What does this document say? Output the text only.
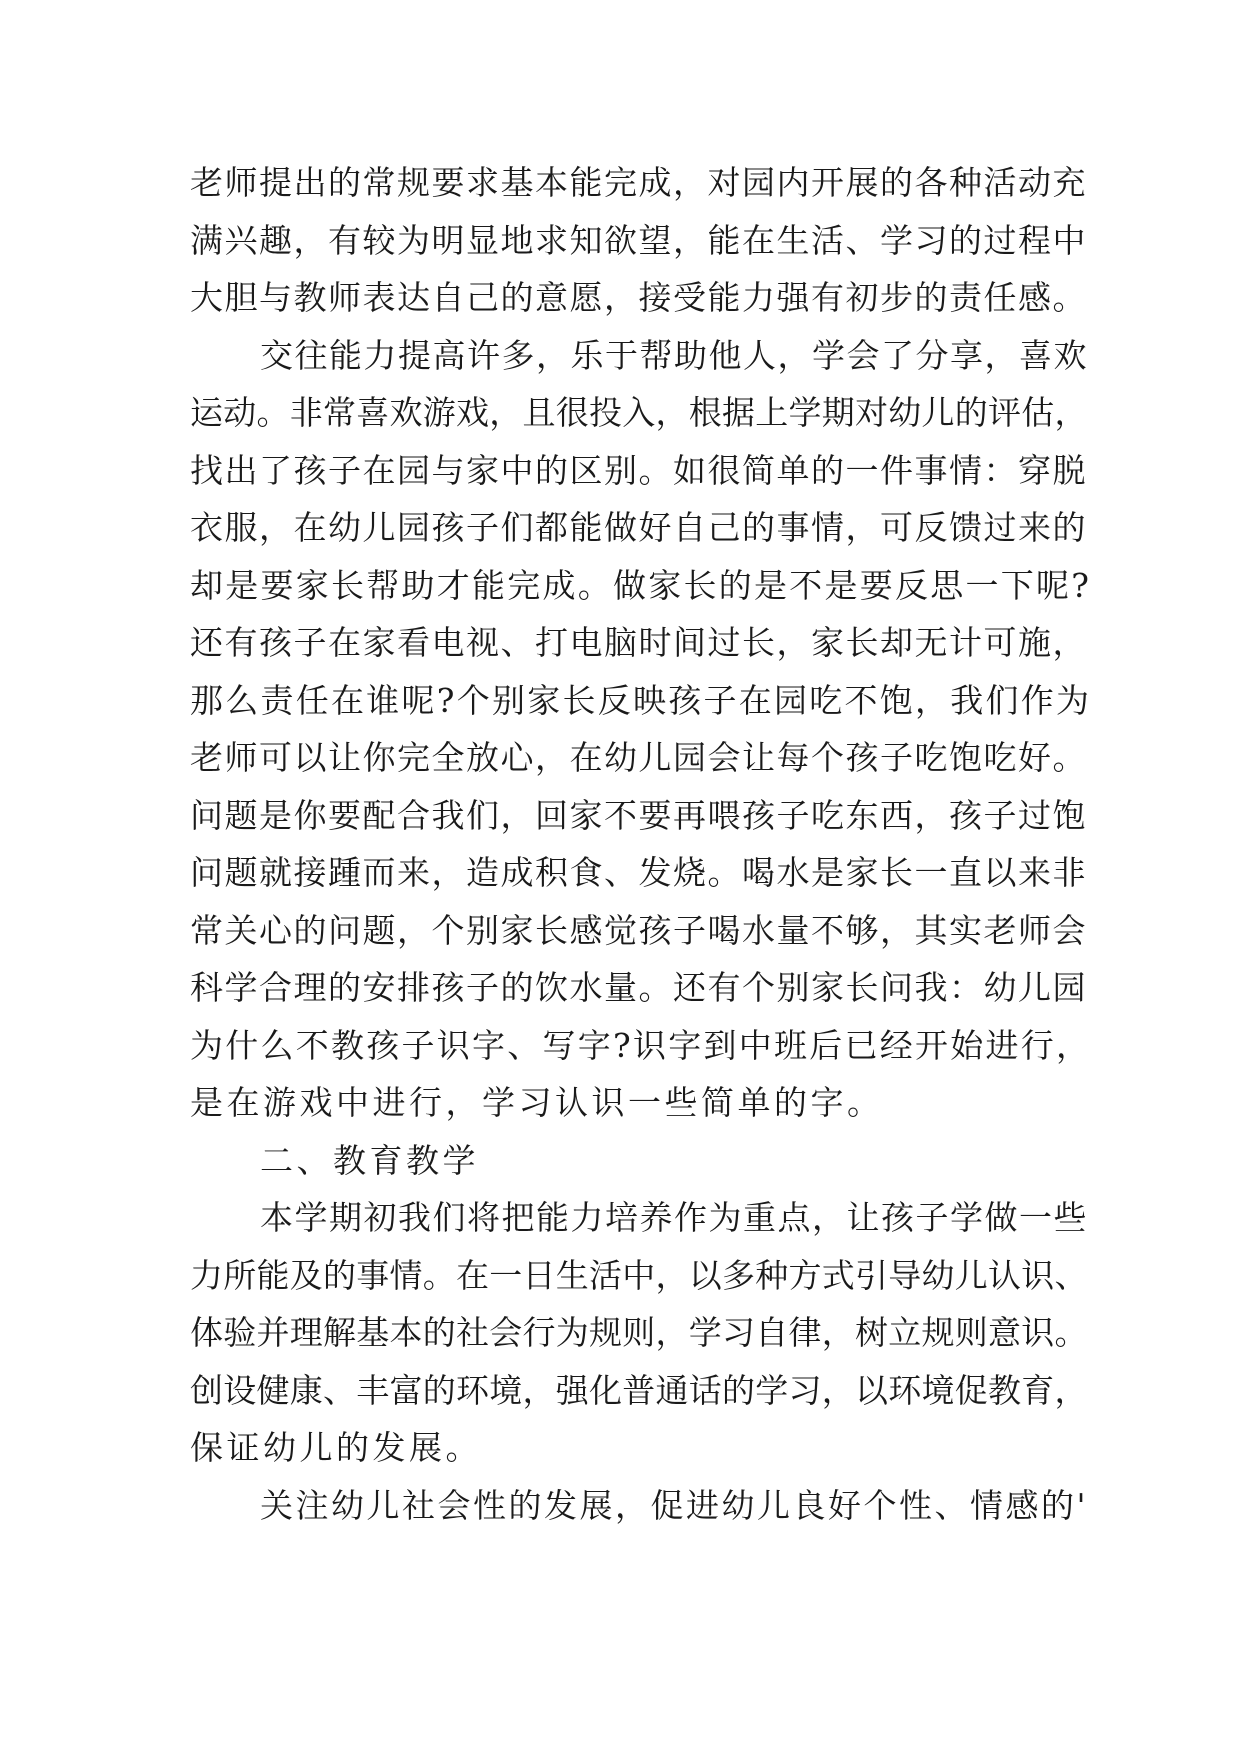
老师提出的常规要求基本能完成，对园内开展的各种活动充
满兴趣，有较为明显地求知欲望，能在生活、学习的过程中
大胆与教师表达自己的意愿，接受能力强有初步的责任感。
交往能力提高许多，乐于帮助他人，学会了分享，喜欢
运动。非常喜欢游戏，且很投入，根据上学期对幼儿的评估，
找出了孩子在园与家中的区别。如很简单的一件事情：穿脱
衣服，在幼儿园孩子们都能做好自己的事情，可反馈过来的
却是要家长帮助才能完成。做家长的是不是要反思一下呢?
还有孩子在家看电视、打电脑时间过长，家长却无计可施，
那么责任在谁呢?个别家长反映孩子在园吃不饱，我们作为
老师可以让你完全放心，在幼儿园会让每个孩子吃饱吃好。
问题是你要配合我们，回家不要再喂孩子吃东西，孩子过饱
问题就接踵而来，造成积食、发烧。喝水是家长一直以来非
常关心的问题，个别家长感觉孩子喝水量不够，其实老师会
科学合理的安排孩子的饮水量。还有个别家长问我：幼儿园
为什么不教孩子识字、写字?识字到中班后已经开始进行，
是在游戏中进行，学习认识一些简单的字。
二、教育教学
本学期初我们将把能力培养作为重点，让孩子学做一些
力所能及的事情。在一日生活中，以多种方式引导幼儿认识、
体验并理解基本的社会行为规则，学习自律，树立规则意识。
创设健康、丰富的环境，强化普通话的学习，以环境促教育，
保证幼儿的发展。
关注幼儿社会性的发展，促进幼儿良好个性、情感的'
